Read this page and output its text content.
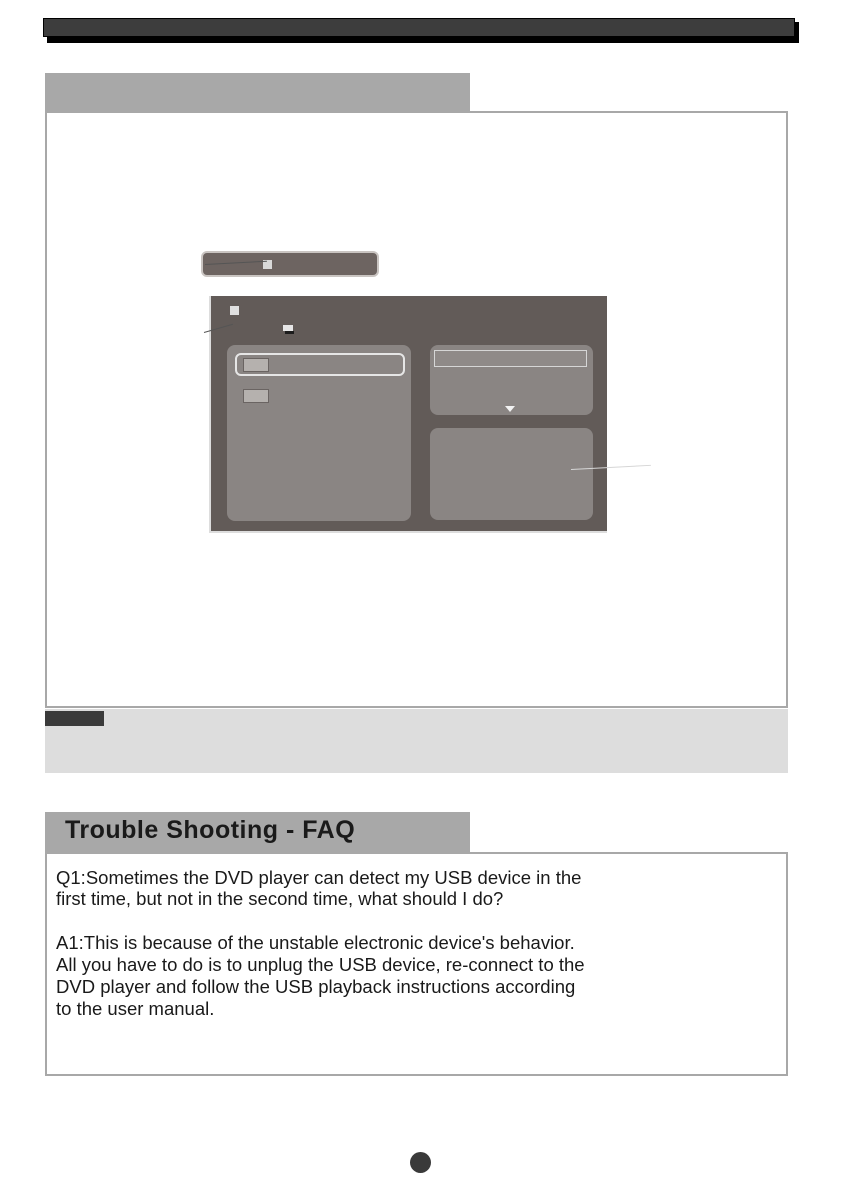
Trouble Shooting - FAQ
Q1:Sometimes the DVD player can detect my USB device in the
first time, but not in the second time, what should I do?
A1:This is because of the unstable electronic device's behavior.
All you have to do is to unplug the USB device, re-connect to the
DVD player and follow the USB playback instructions according
to the user manual.
